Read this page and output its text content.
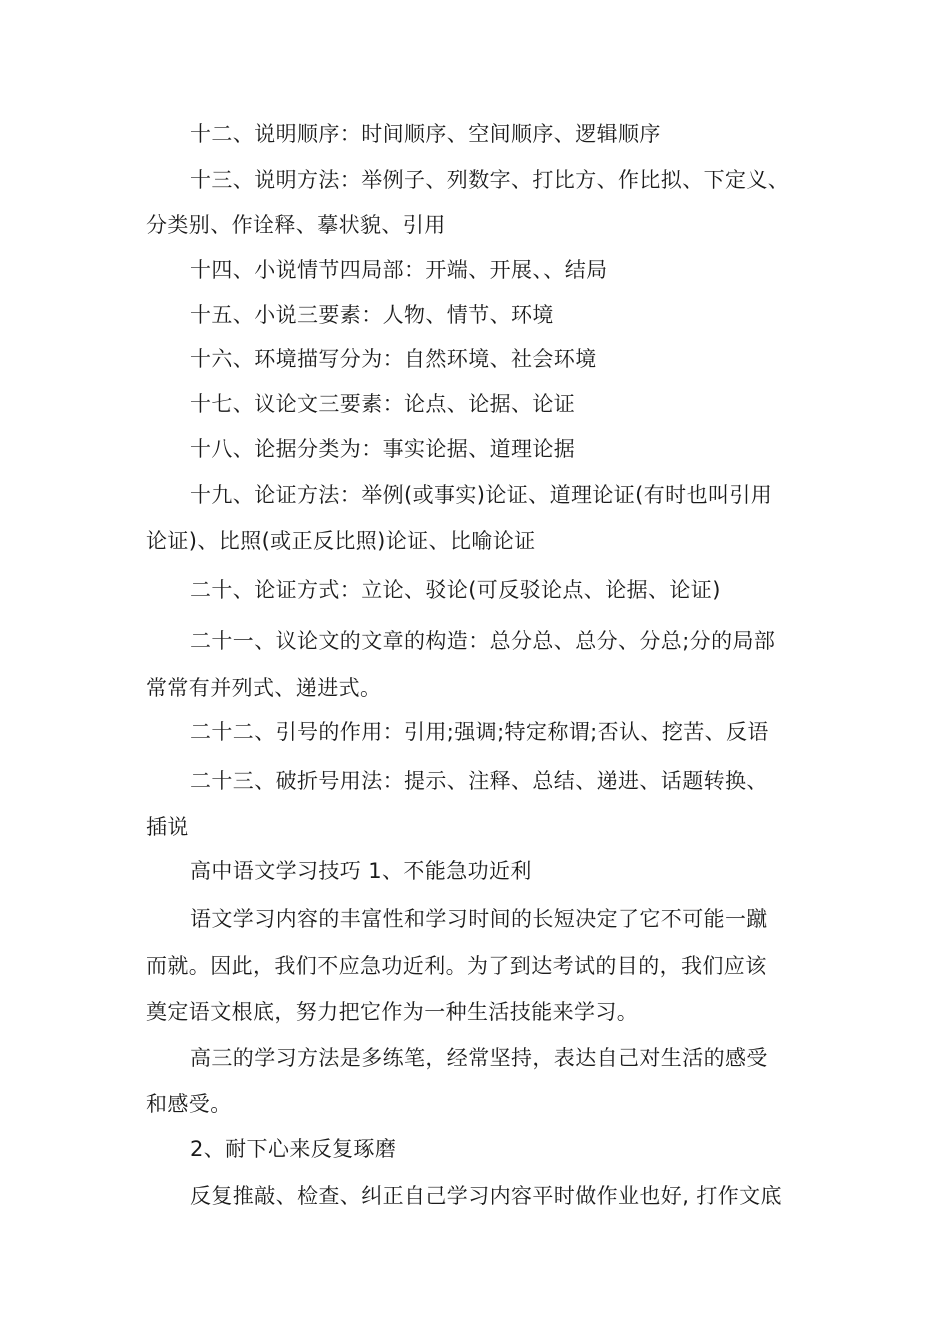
十二、说明顺序：时间顺序、空间顺序、逻辑顺序
十三、说明方法：举例子、列数字、打比方、作比拟、下定义、
分类别、作诠释、摹状貌、引用
十四、小说情节四局部：开端、开展、、结局
十五、小说三要素：人物、情节、环境
十六、环境描写分为：自然环境、社会环境
十七、议论文三要素：论点、论据、论证
十八、论据分类为：事实论据、道理论据
十九、论证方法：举例(或事实)论证、道理论证(有时也叫引用
论证)、比照(或正反比照)论证、比喻论证
二十、论证方式：立论、驳论(可反驳论点、论据、论证)
二十一、议论文的文章的构造：总分总、总分、分总;分的局部
常常有并列式、递进式。
二十二、引号的作用：引用;强调;特定称谓;否认、挖苦、反语
二十三、破折号用法：提示、注释、总结、递进、话题转换、
插说
高中语文学习技巧 1、不能急功近利
语文学习内容的丰富性和学习时间的长短决定了它不可能一蹴
而就。因此，我们不应急功近利。为了到达考试的目的，我们应该
奠定语文根底，努力把它作为一种生活技能来学习。
高三的学习方法是多练笔，经常坚持，表达自己对生活的感受
和感受。
2、耐下心来反复琢磨
反复推敲、检查、纠正自己学习内容平时做作业也好, 打作文底
